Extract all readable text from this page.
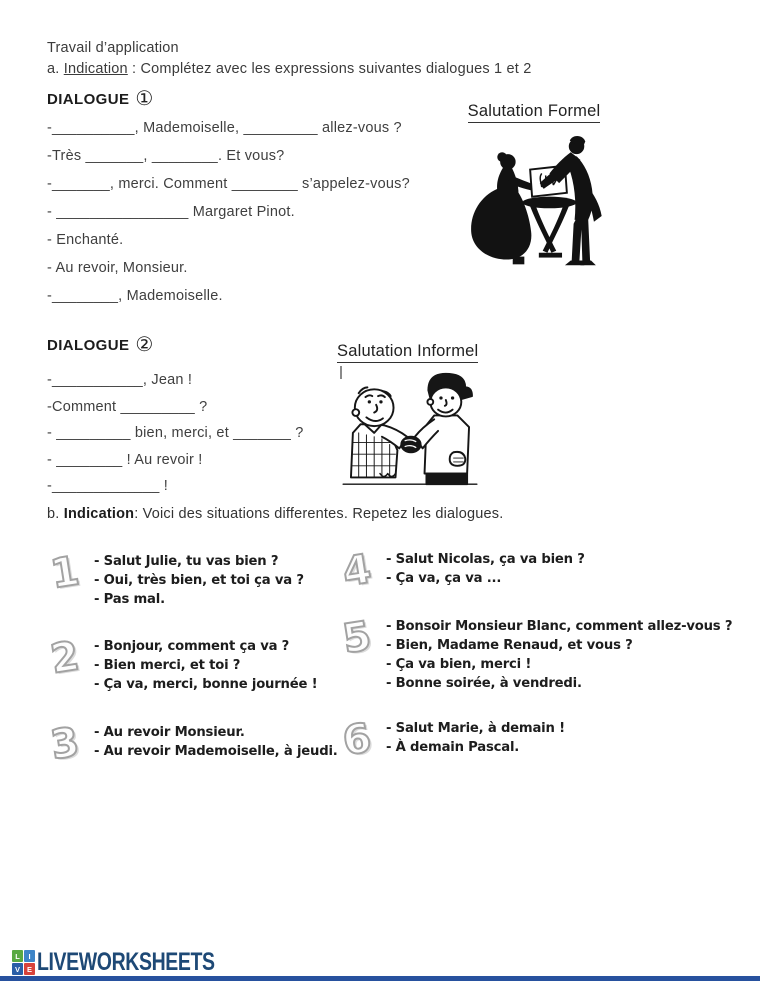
Travail d’application
a. Indication : Complétez avec les expressions suivantes dialogues 1 et 2
DIALOGUE ①
-__________, Mademoiselle, _________ allez-vous ?
-Très _______, ________. Et vous?
-_______, merci. Comment ________ s’appelez-vous?
- ________________ Margaret Pinot.
- Enchanté.
- Au revoir, Monsieur.
-________, Mademoiselle.
Salutation Formel
DIALOGUE ②	Salutation Informel
-___________, Jean !
-Comment _________ ?
- _________ bien, merci, et _______ ?
- ________ ! Au revoir !
-_____________ !
b. Indication: Voici des situations differentes. Repetez les dialogues.
1 - Salut Julie, tu vas bien ?
- Oui, très bien, et toi ça va ?
- Pas mal.
2 - Bonjour, comment ça va ?
- Bien merci, et toi ?
- Ça va, merci, bonne journée !
3 - Au revoir Monsieur.
- Au revoir Mademoiselle, à jeudi.
4 - Salut Nicolas, ça va bien ?
- Ça va, ça va ...
5 - Bonsoir Monsieur Blanc, comment allez-vous ?
- Bien, Madame Renaud, et vous ?
- Ça va bien, merci !
- Bonne soirée, à vendredi.
6 - Salut Marie, à demain !
- À demain Pascal.
L	I
V E LIVEWORKSHEETS
